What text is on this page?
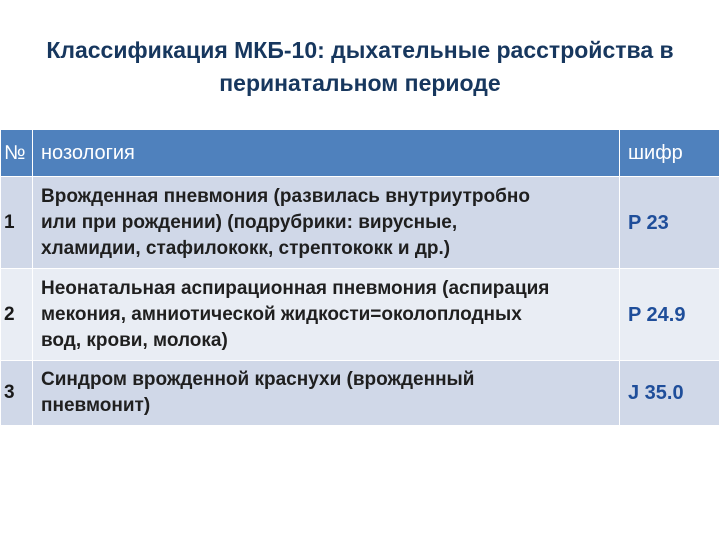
Классификация МКБ-10: дыхательные расстройства в
перинатальном периоде
№	нозология	шифр
1	Врожденная пневмония (развилась внутриутробно
или при рождении) (подрубрики: вирусные,
хламидии, стафилококк, стрептококк и др.)	P 23
2	Неонатальная аспирационная пневмония (аспирация
мекония, амниотической жидкости=околоплодных
вод, крови, молока)	P 24.9
3	Синдром врожденной краснухи (врожденный
пневмонит)	J 35.0
